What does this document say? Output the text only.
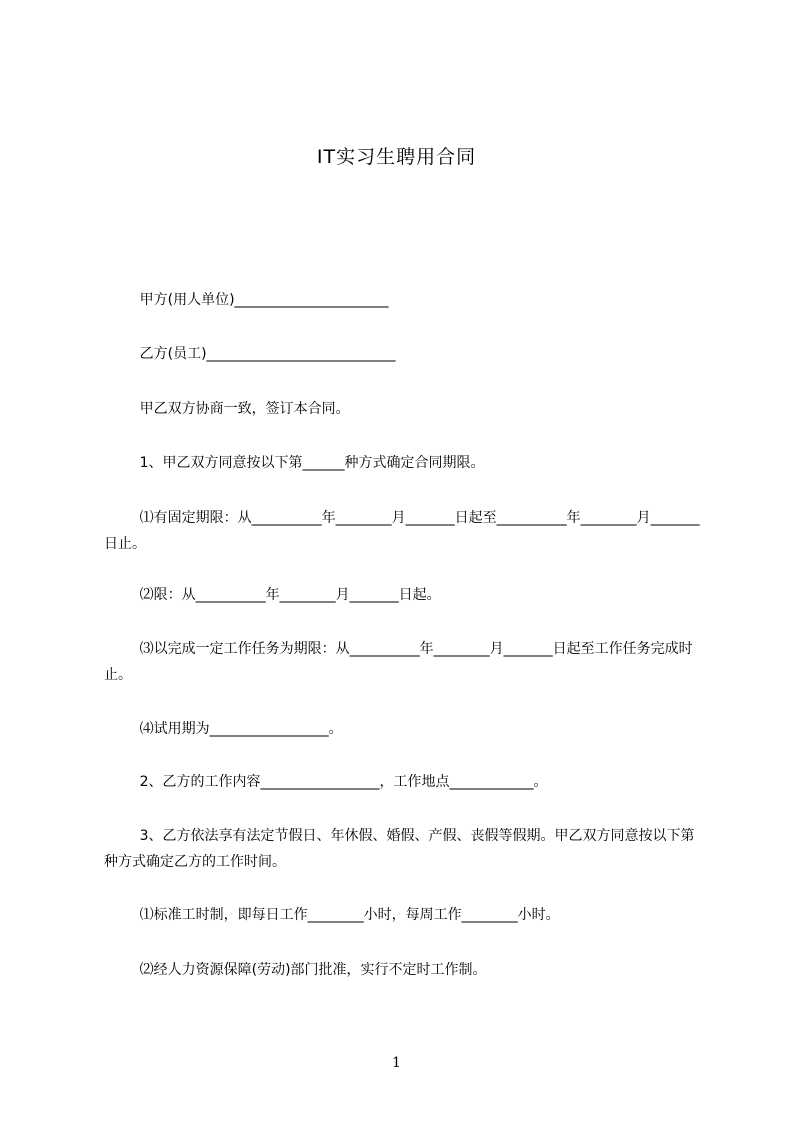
IT实习生聘用合同

甲方(用人单位)______________________

乙方(员工)___________________________

甲乙双方协商一致，签订本合同。

1、甲乙双方同意按以下第______种方式确定合同期限。

⑴有固定期限：从__________年________月_______日起至__________年________月_______日止。

⑵限：从__________年________月_______日起。

⑶以完成一定工作任务为期限：从__________年________月_______日起至工作任务完成时止。

⑷试用期为_________________。

2、乙方的工作内容_________________，工作地点____________。

3、乙方依法享有法定节假日、年休假、婚假、产假、丧假等假期。甲乙双方同意按以下第种方式确定乙方的工作时间。

⑴标准工时制，即每日工作________小时，每周工作________小时。

⑵经人力资源保障(劳动)部门批准，实行不定时工作制。

1
